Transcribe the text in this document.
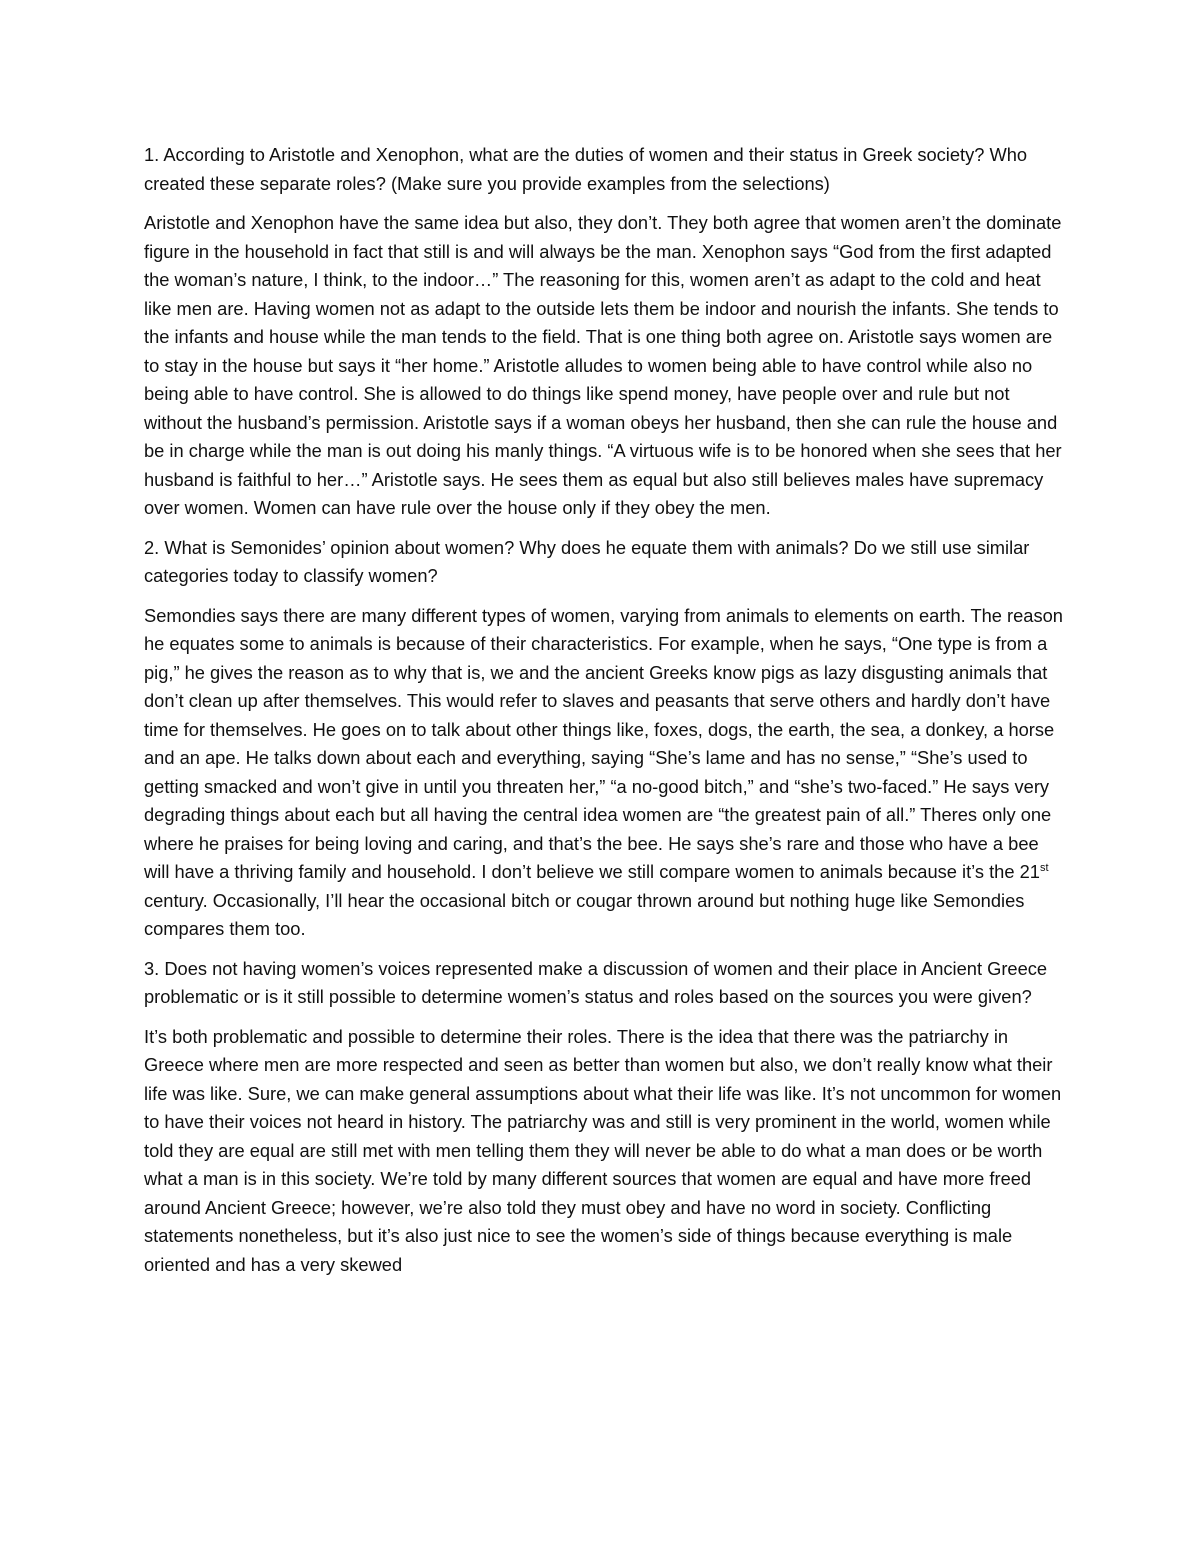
1. According to Aristotle and Xenophon, what are the duties of women and their status in Greek society? Who created these separate roles? (Make sure you provide examples from the selections)

Aristotle and Xenophon have the same idea but also, they don’t. They both agree that women aren’t the dominate figure in the household in fact that still is and will always be the man. Xenophon says “God from the first adapted the woman’s nature, I think, to the indoor…” The reasoning for this, women aren’t as adapt to the cold and heat like men are. Having women not as adapt to the outside lets them be indoor and nourish the infants. She tends to the infants and house while the man tends to the field. That is one thing both agree on. Aristotle says women are to stay in the house but says it “her home.” Aristotle alludes to women being able to have control while also no being able to have control. She is allowed to do things like spend money, have people over and rule but not without the husband’s permission. Aristotle says if a woman obeys her husband, then she can rule the house and be in charge while the man is out doing his manly things. “A virtuous wife is to be honored when she sees that her husband is faithful to her…” Aristotle says. He sees them as equal but also still believes males have supremacy over women. Women can have rule over the house only if they obey the men.

2. What is Semonides’ opinion about women? Why does he equate them with animals? Do we still use similar categories today to classify women?

Semondies says there are many different types of women, varying from animals to elements on earth. The reason he equates some to animals is because of their characteristics. For example, when he says, “One type is from a pig,” he gives the reason as to why that is, we and the ancient Greeks know pigs as lazy disgusting animals that don’t clean up after themselves. This would refer to slaves and peasants that serve others and hardly don’t have time for themselves. He goes on to talk about other things like, foxes, dogs, the earth, the sea, a donkey, a horse and an ape. He talks down about each and everything, saying “She’s lame and has no sense,” “She’s used to getting smacked and won’t give in until you threaten her,” “a no-good bitch,” and “she’s two-faced.” He says very degrading things about each but all having the central idea women are “the greatest pain of all.” Theres only one where he praises for being loving and caring, and that’s the bee. He says she’s rare and those who have a bee will have a thriving family and household. I don’t believe we still compare women to animals because it’s the 21st century. Occasionally, I’ll hear the occasional bitch or cougar thrown around but nothing huge like Semondies compares them too.

3. Does not having women’s voices represented make a discussion of women and their place in Ancient Greece problematic or is it still possible to determine women’s status and roles based on the sources you were given?

It’s both problematic and possible to determine their roles. There is the idea that there was the patriarchy in Greece where men are more respected and seen as better than women but also, we don’t really know what their life was like. Sure, we can make general assumptions about what their life was like. It’s not uncommon for women to have their voices not heard in history. The patriarchy was and still is very prominent in the world, women while told they are equal are still met with men telling them they will never be able to do what a man does or be worth what a man is in this society. We’re told by many different sources that women are equal and have more freed around Ancient Greece; however, we’re also told they must obey and have no word in society. Conflicting statements nonetheless, but it’s also just nice to see the women’s side of things because everything is male oriented and has a very skewed
